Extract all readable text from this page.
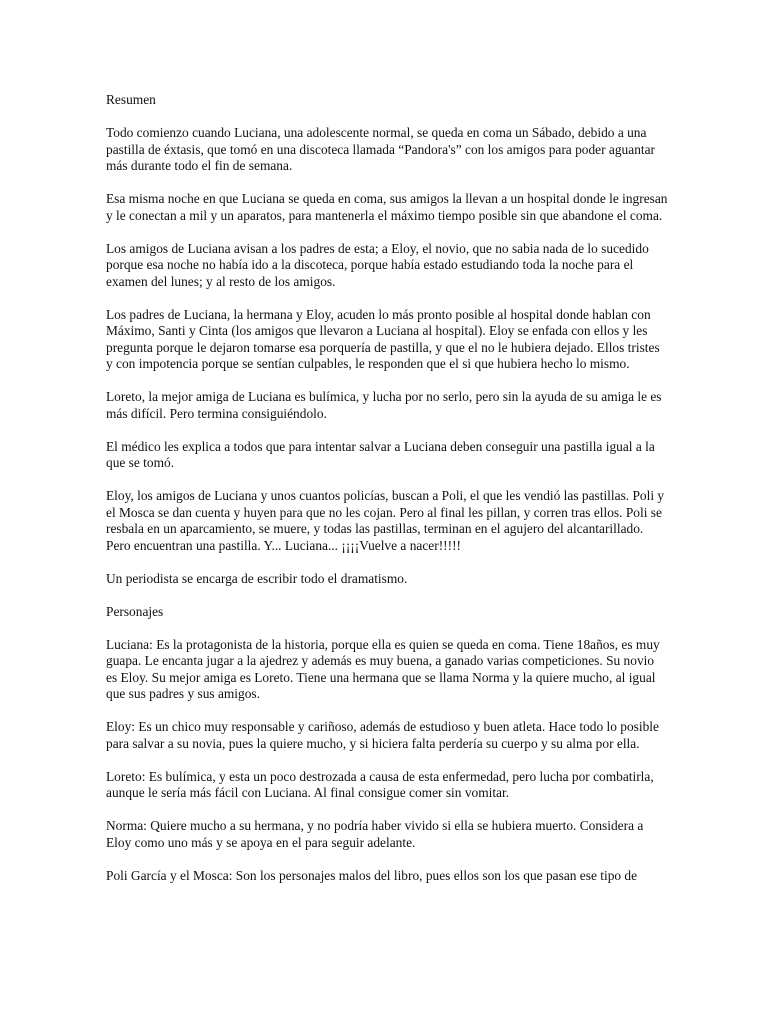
Resumen

Todo comienzo cuando Luciana, una adolescente normal, se queda en coma un Sábado, debido a una pastilla de éxtasis, que tomó en una discoteca llamada “Pandora's” con los amigos para poder aguantar más durante todo el fin de semana.

Esa misma noche en que Luciana se queda en coma, sus amigos la llevan a un hospital donde le ingresan y le conectan a mil y un aparatos, para mantenerla el máximo tiempo posible sin que abandone el coma.

Los amigos de Luciana avisan a los padres de esta; a Eloy, el novio, que no sabia nada de lo sucedido porque esa noche no había ido a la discoteca, porque había estado estudiando toda la noche para el examen del lunes; y al resto de los amigos.

Los padres de Luciana, la hermana y Eloy, acuden lo más pronto posible al hospital donde hablan con Máximo, Santi y Cinta (los amigos que llevaron a Luciana al hospital). Eloy se enfada con ellos y les pregunta porque le dejaron tomarse esa porquería de pastilla, y que el no le hubiera dejado. Ellos tristes y con impotencia porque se sentían culpables, le responden que el si que hubiera hecho lo mismo.

Loreto, la mejor amiga de Luciana es bulímica, y lucha por no serlo, pero sin la ayuda de su amiga le es más difícil. Pero termina consiguiéndolo.

El médico les explica a todos que para intentar salvar a Luciana deben conseguir una pastilla igual a la que se tomó.

Eloy, los amigos de Luciana y unos cuantos policías, buscan a Poli, el que les vendió las pastillas. Poli y el Mosca se dan cuenta y huyen para que no les cojan. Pero al final les pillan, y corren tras ellos. Poli se resbala en un aparcamiento, se muere, y todas las pastillas, terminan en el agujero del alcantarillado. Pero encuentran una pastilla. Y... Luciana... ¡¡¡¡Vuelve a nacer!!!!!

Un periodista se encarga de escribir todo el dramatismo.

Personajes

Luciana: Es la protagonista de la historia, porque ella es quien se queda en coma. Tiene 18años, es muy guapa. Le encanta jugar a la ajedrez y además es muy buena, a ganado varias competiciones. Su novio es Eloy. Su mejor amiga es Loreto. Tiene una hermana que se llama Norma y la quiere mucho, al igual que sus padres y sus amigos.

Eloy: Es un chico muy responsable y cariñoso, además de estudioso y buen atleta. Hace todo lo posible para salvar a su novia, pues la quiere mucho, y si hiciera falta perdería su cuerpo y su alma por ella.

Loreto: Es bulímica, y esta un poco destrozada a causa de esta enfermedad, pero lucha por combatirla, aunque le sería más fácil con Luciana. Al final consigue comer sin vomitar.

Norma: Quiere mucho a su hermana, y no podría haber vivido si ella se hubiera muerto. Considera a Eloy como uno más y se apoya en el para seguir adelante.

Poli García y el Mosca: Son los personajes malos del libro, pues ellos son los que pasan ese tipo de
